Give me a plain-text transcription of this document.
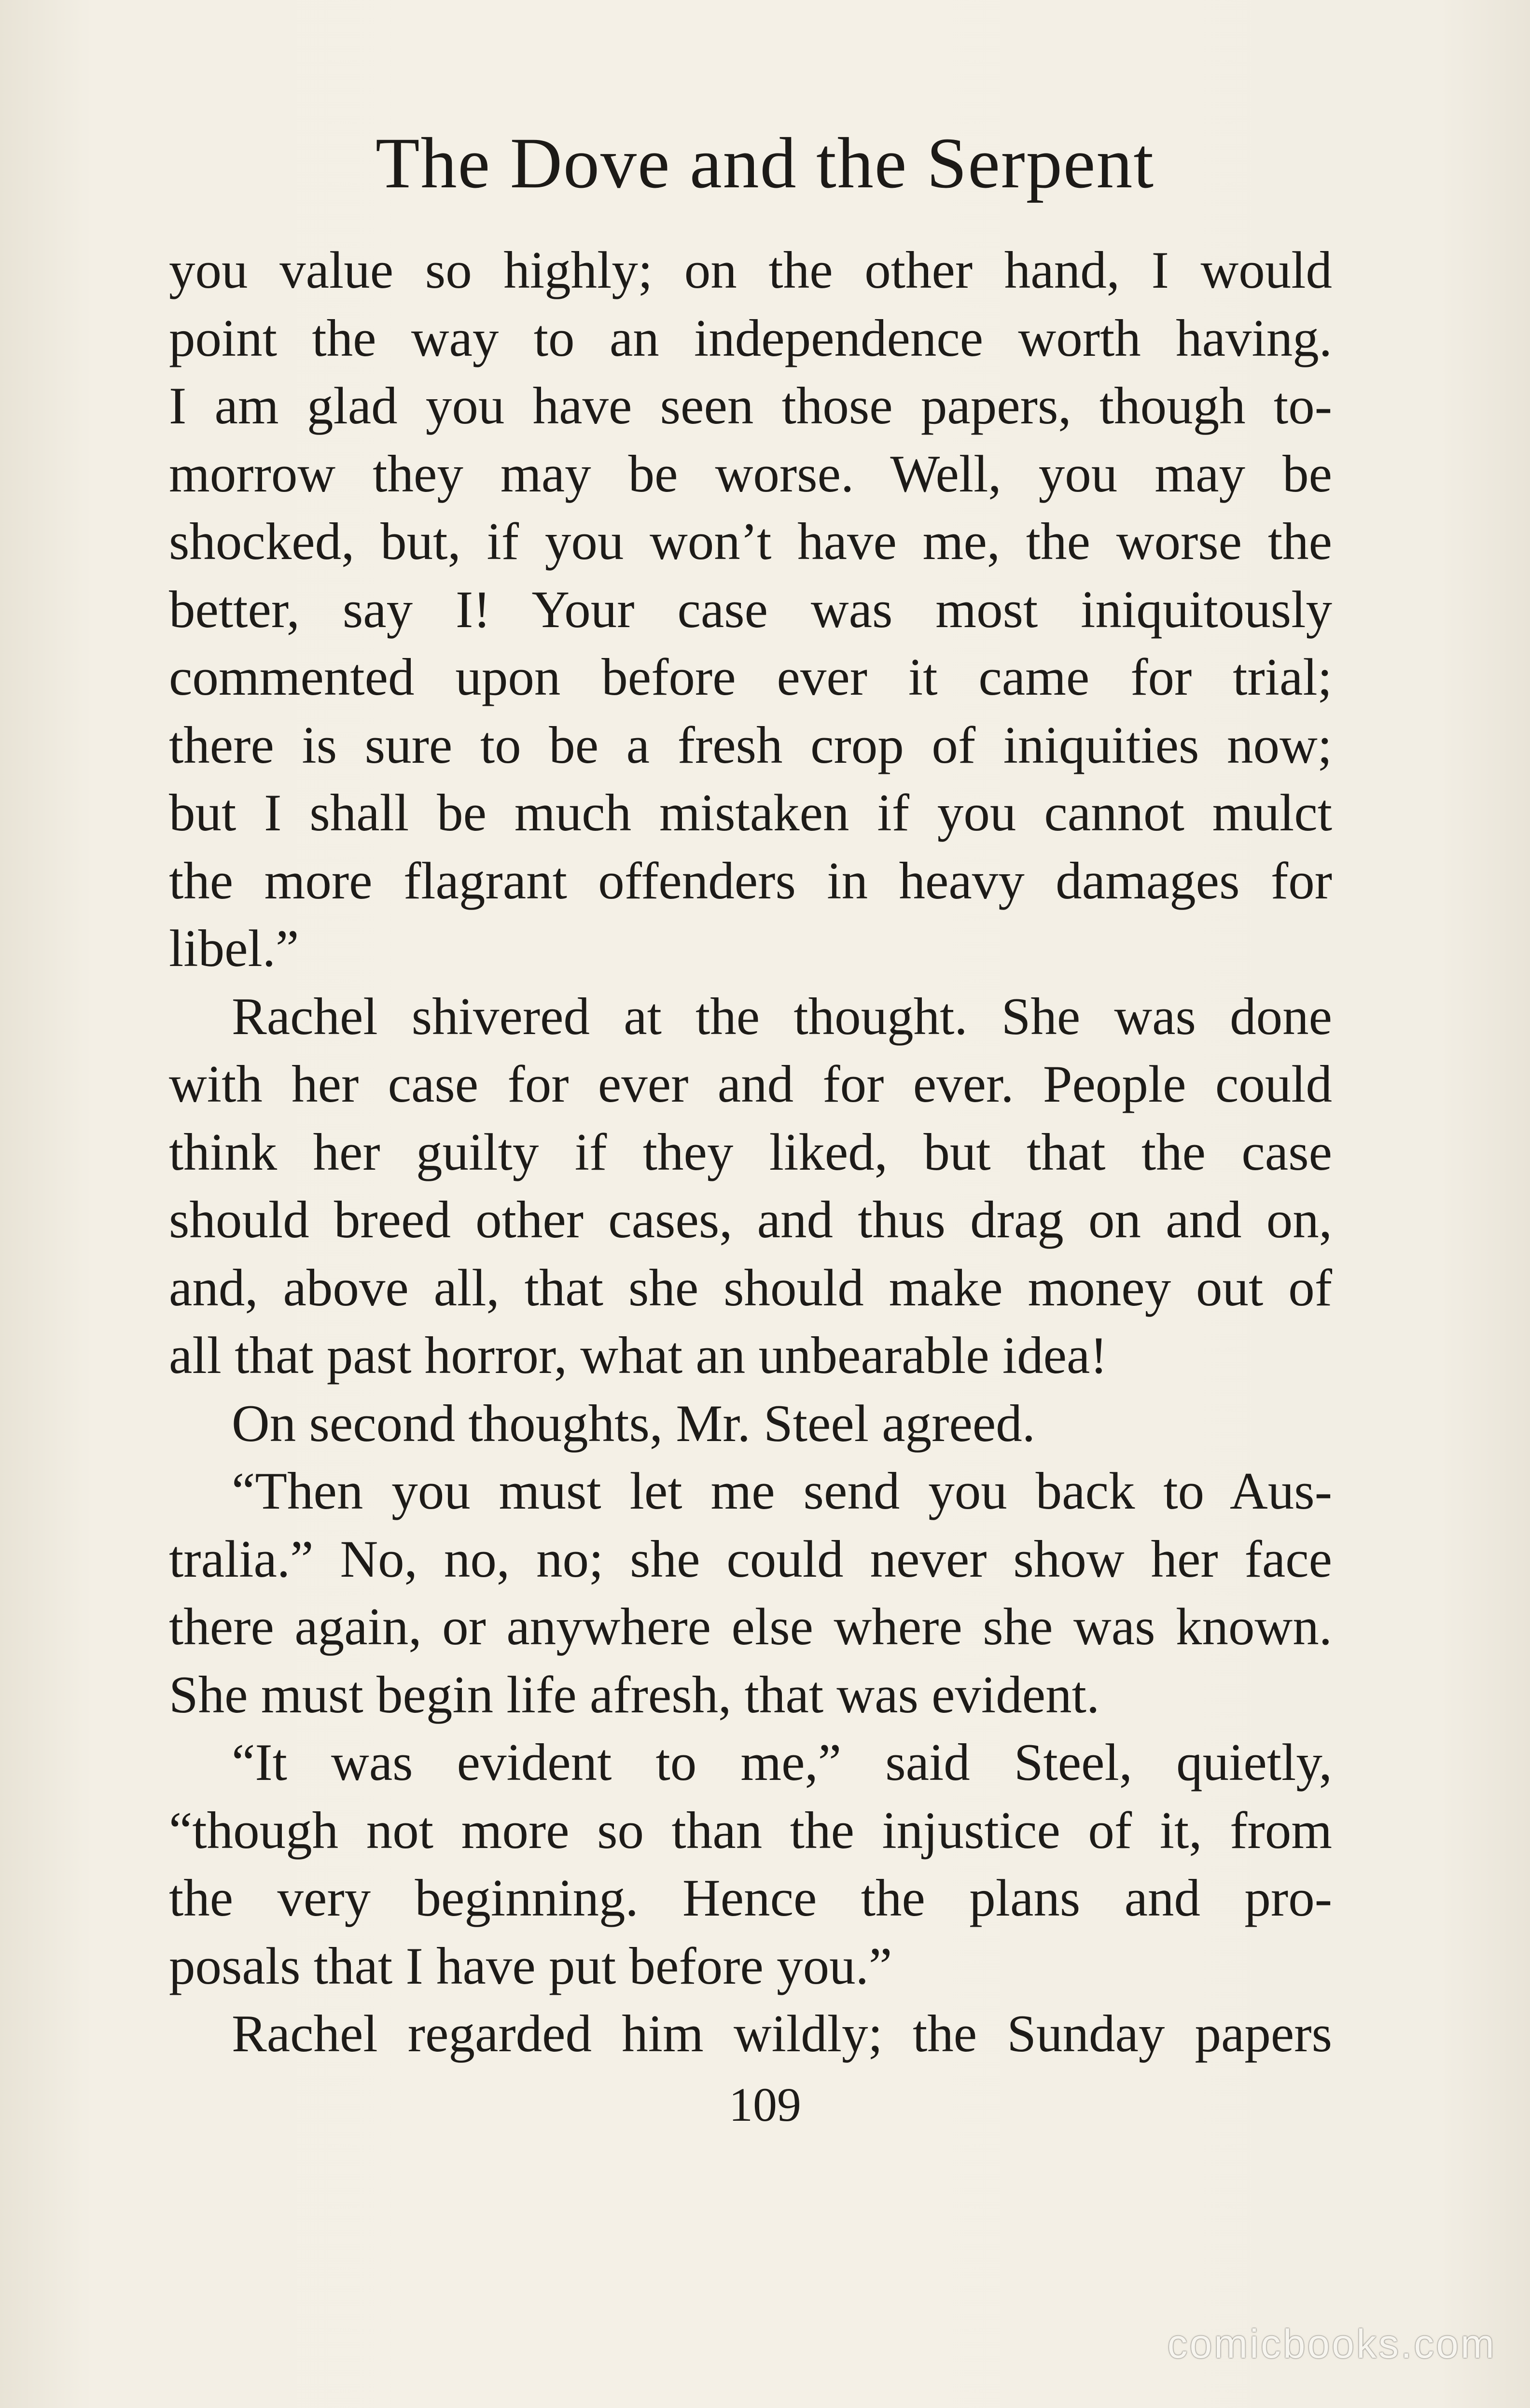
The Dove and the Serpent
you value so highly; on the other hand, I would
point the way to an independence worth having.
I am glad you have seen those papers, though to-
morrow they may be worse. Well, you may be
shocked, but, if you won’t have me, the worse the
better, say I! Your case was most iniquitously
commented upon before ever it came for trial;
there is sure to be a fresh crop of iniquities now;
but I shall be much mistaken if you cannot mulct
the more flagrant offenders in heavy damages for
libel.”
Rachel shivered at the thought. She was done
with her case for ever and for ever. People could
think her guilty if they liked, but that the case
should breed other cases, and thus drag on and on,
and, above all, that she should make money out of
all that past horror, what an unbearable idea!
On second thoughts, Mr. Steel agreed.
“Then you must let me send you back to Aus-
tralia.” No, no, no; she could never show her face
there again, or anywhere else where she was known.
She must begin life afresh, that was evident.
“It was evident to me,” said Steel, quietly,
“though not more so than the injustice of it, from
the very beginning. Hence the plans and pro-
posals that I have put before you.”
Rachel regarded him wildly; the Sunday papers
109
comicbooks.com
